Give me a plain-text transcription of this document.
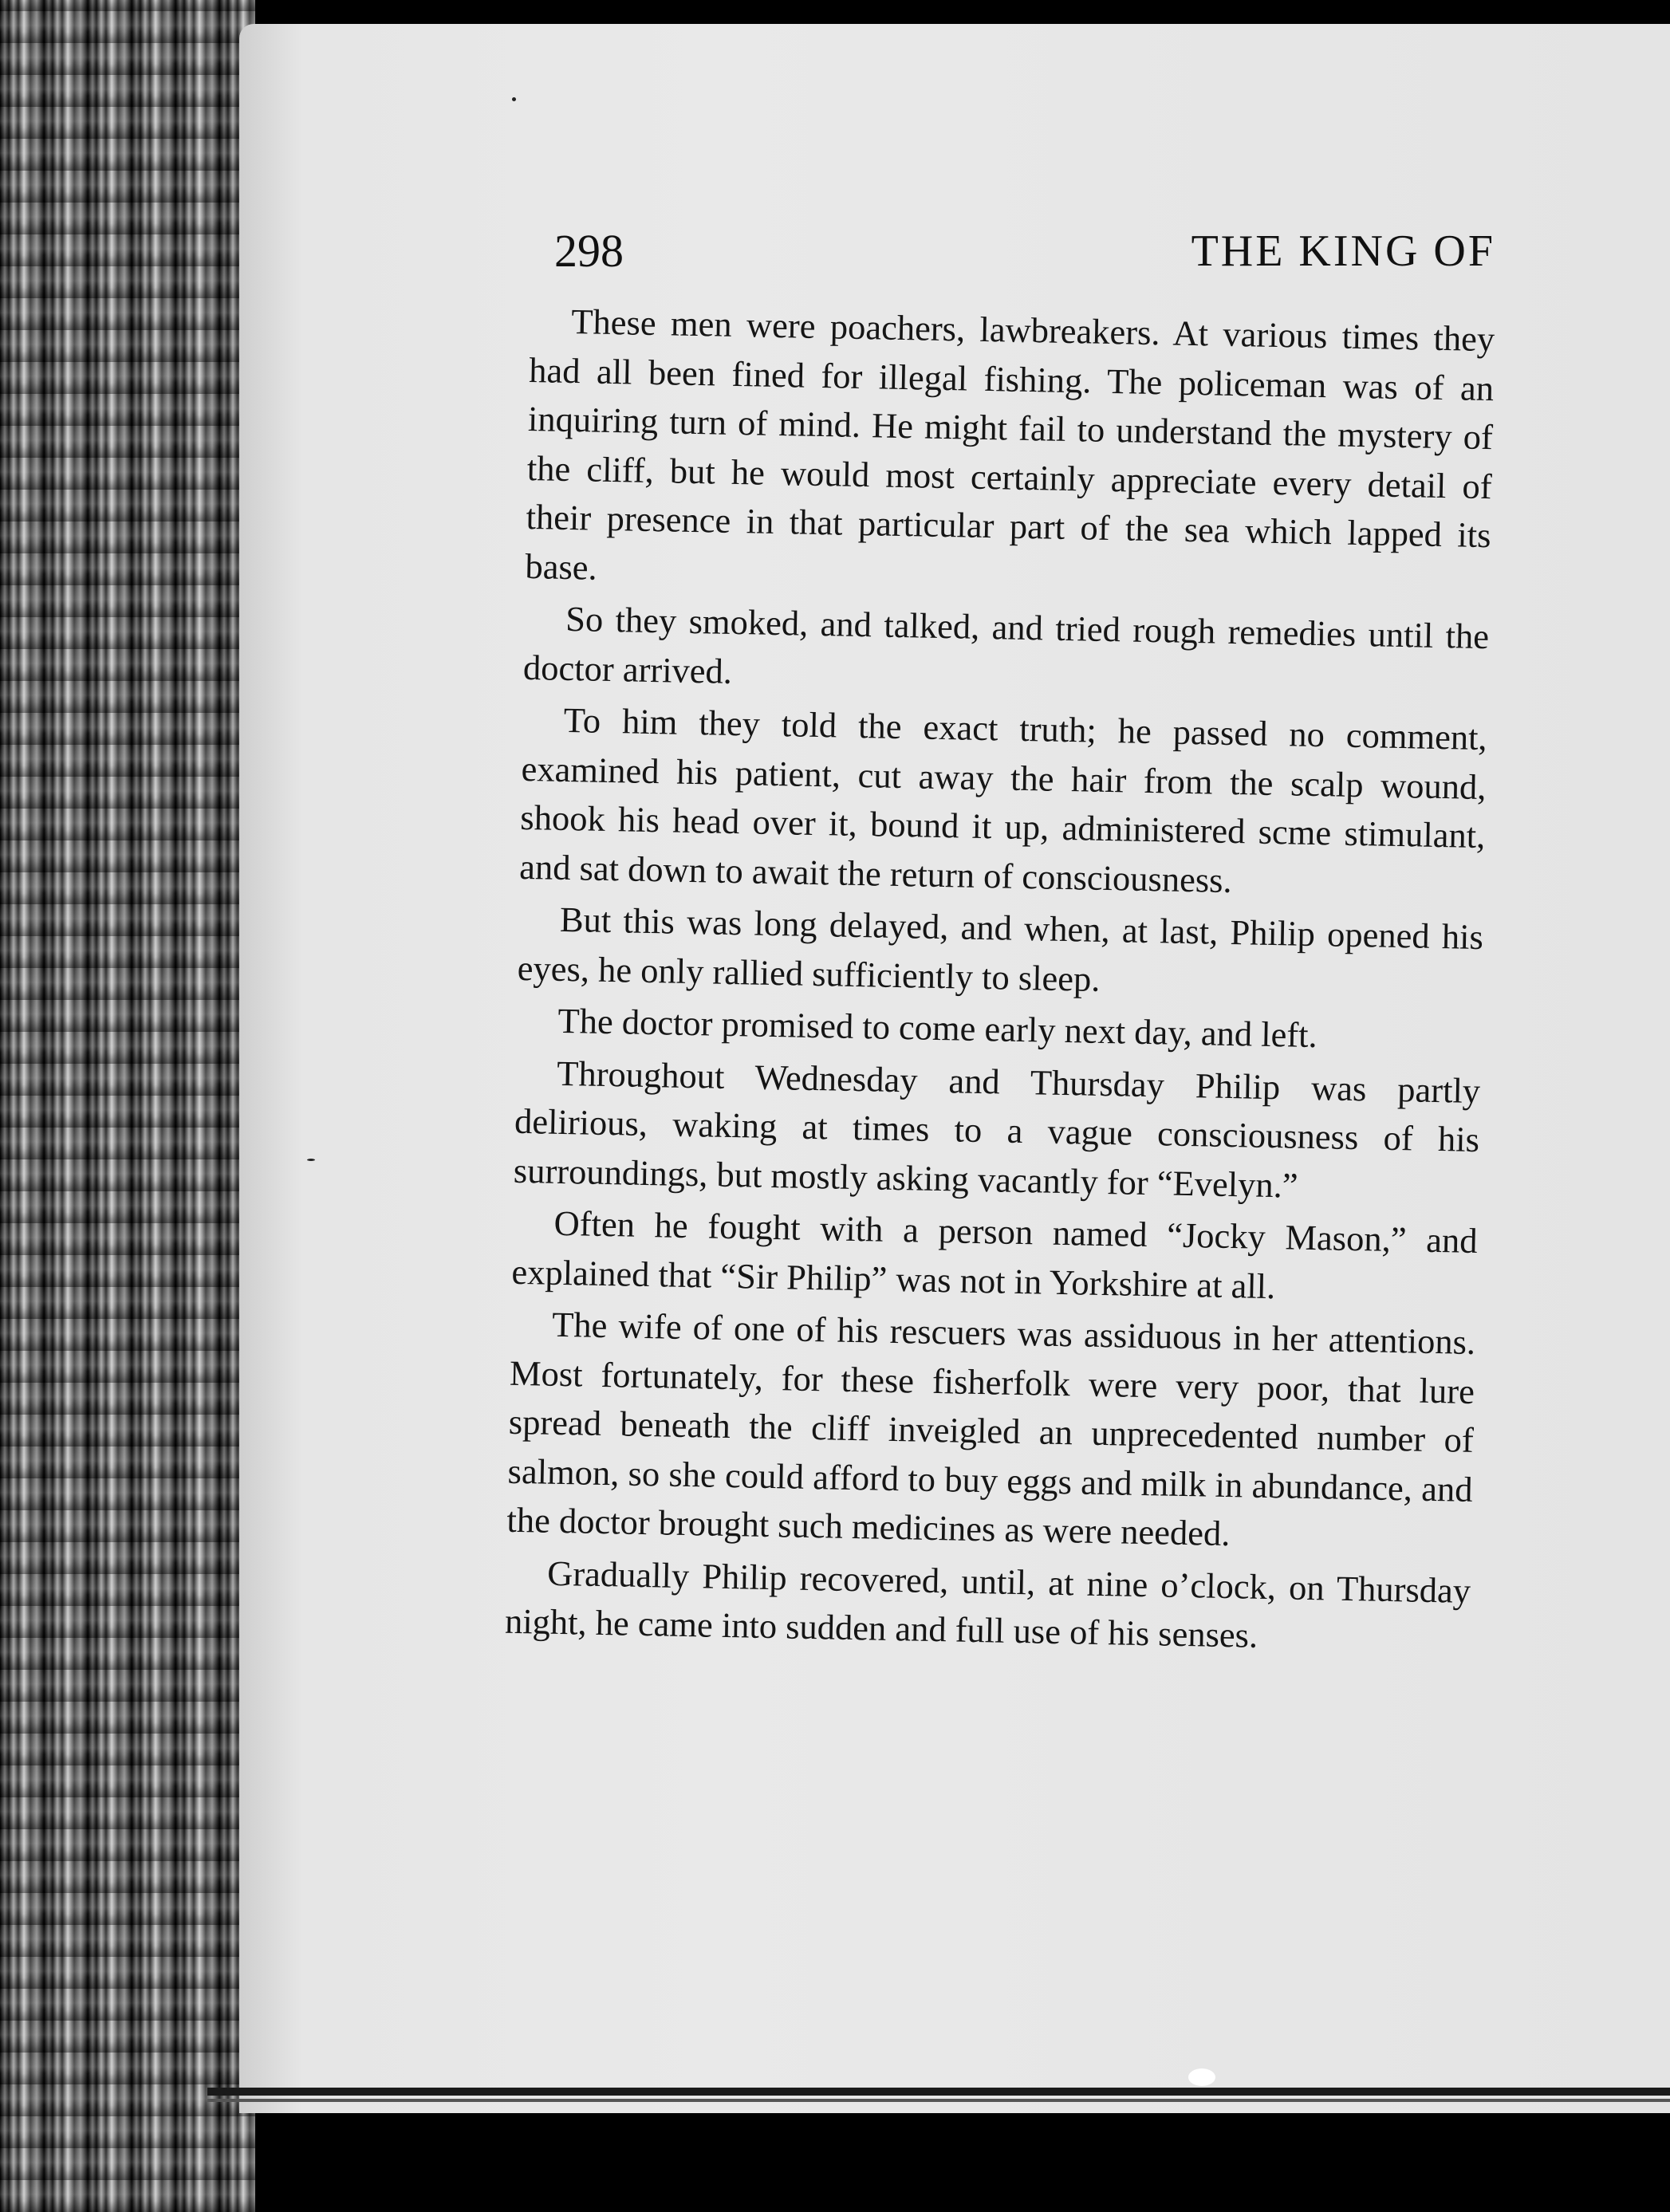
298	THE KING OF

These men were poachers, lawbreakers. At various times they had all been fined for illegal fishing. The policeman was of an inquiring turn of mind. He might fail to understand the mystery of the cliff, but he would most certainly appreciate every detail of their presence in that particular part of the sea which lapped its base.

So they smoked, and talked, and tried rough remedies until the doctor arrived.

To him they told the exact truth; he passed no comment, examined his patient, cut away the hair from the scalp wound, shook his head over it, bound it up, administered scme stimulant, and sat down to await the return of consciousness.

But this was long delayed, and when, at last, Philip opened his eyes, he only rallied sufficiently to sleep.

The doctor promised to come early next day, and left.

Throughout Wednesday and Thursday Philip was partly delirious, waking at times to a vague consciousness of his surroundings, but mostly asking vacantly for “Evelyn.”

Often he fought with a person named “Jocky Mason,” and explained that “Sir Philip” was not in Yorkshire at all.

The wife of one of his rescuers was assiduous in her attentions. Most fortunately, for these fisherfolk were very poor, that lure spread beneath the cliff inveigled an unprecedented number of salmon, so she could afford to buy eggs and milk in abundance, and the doctor brought such medicines as were needed.

Gradually Philip recovered, until, at nine o’clock, on Thursday night, he came into sudden and full use of his senses.
